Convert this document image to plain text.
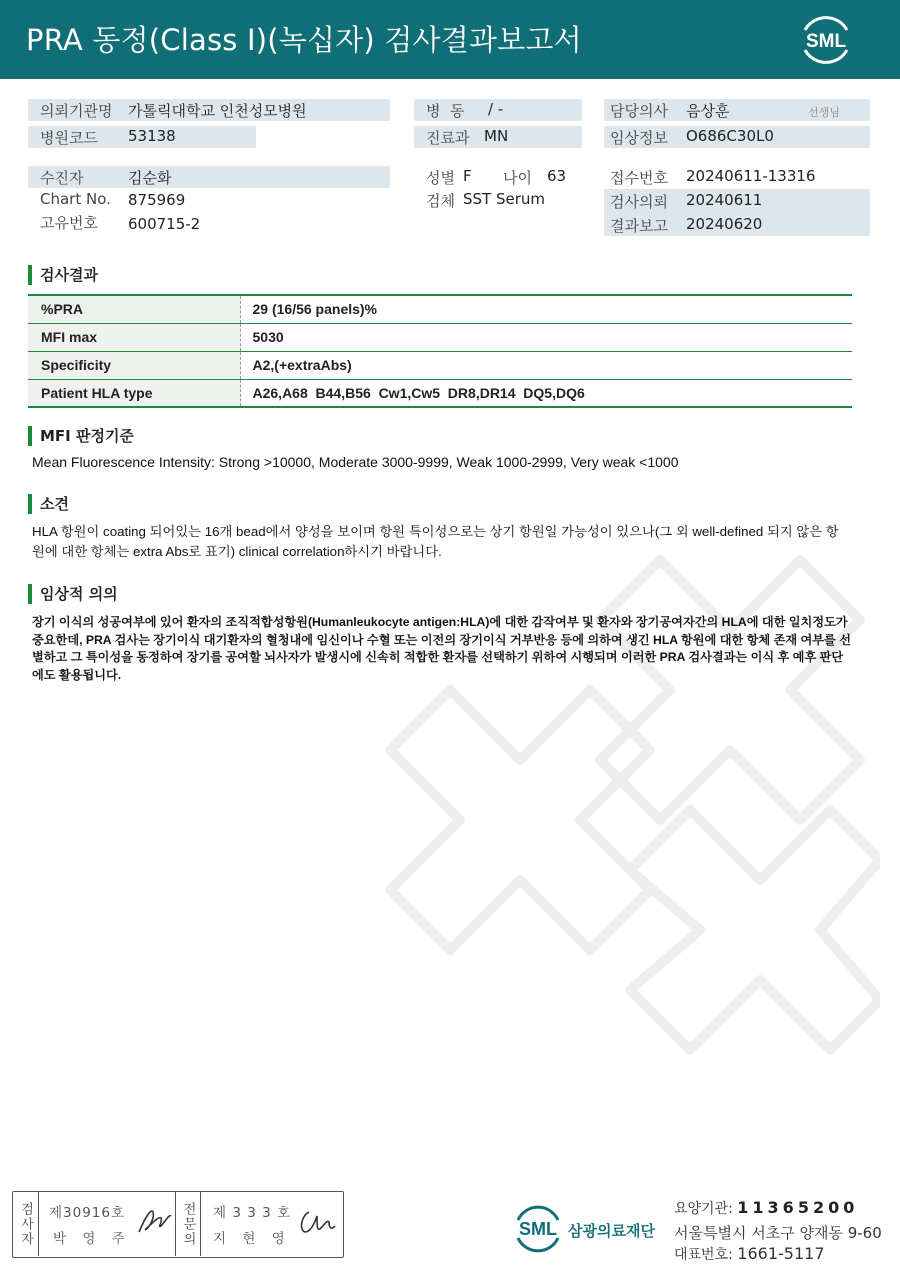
PRA 동정(Class I)(녹십자) 검사결과보고서	SML
의뢰기관명 가톨릭대학교 인천성모병원	병  동 / -	담당의사 음상훈	선생님
병원코드 53138	진료과 MN	임상정보 O686C30L0
수진자	김순화	성별 F 나이 63	접수번호 20240611-13316
Chart No. 875969	검체 SST Serum	검사의뢰 20240611
고유번호 600715-2	결과보고 20240620
검사결과
%PRA	29 (16/56 panels)%
MFI max	5030
Specificity	A2,(+extraAbs)
Patient HLA type	A26,A68  B44,B56  Cw1,Cw5  DR8,DR14  DQ5,DQ6
MFI 판정기준
Mean Fluorescence Intensity: Strong >10000, Moderate 3000-9999, Weak 1000-2999, Very weak <1000
소견
HLA 항원이 coating 되어있는 16개 bead에서 양성을 보이며 항원 특이성으로는 상기 항원일 가능성이 있으나(그 외 well-defined 되지 않은 항원에 대한 항체는 extra Abs로 표기) clinical correlation하시기 바랍니다.
임상적 의의
장기 이식의 성공여부에 있어 환자의 조직적합성항원(Humanleukocyte antigen:HLA)에 대한 감작여부 및 환자와 장기공여자간의 HLA에 대한 일치정도가 중요한데, PRA 검사는 장기이식 대기환자의 혈청내에 임신이나 수혈 또는 이전의 장기이식 거부반응 등에 의하여 생긴 HLA 항원에 대한 항체 존재 여부를 선별하고 그 특이성을 동정하여 장기를 공여할 뇌사자가 발생시에 신속히 적합한 환자를 선택하기 위하여 시행되며 이러한 PRA 검사결과는 이식 후 예후 판단에도 활용됩니다.
검사자 제30916호
박 영 주	전문의 제 3 3 3 호
지 현 영	SML 삼광의료재단
요양기관: 11365200
서울특별시 서초구 양재동 9-60
대표번호: 1661-5117
